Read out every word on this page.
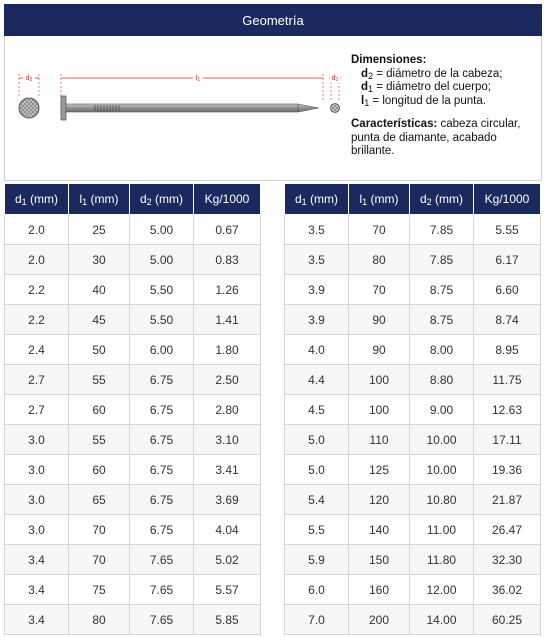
Geometría
d2	l1	d1
Dimensiones:
$d_2$ = diámetro de la cabeza;
$d_1$ = diámetro del cuerpo;
$l_1$ = longitud de la punta.
Características: cabeza circular, punta de diamante, acabado brillante.
$d_1$ (mm)	$l_1$ (mm)	$d_2$ (mm)	Kg/1000
2.0	25	5.00	0.67
2.0	30	5.00	0.83
2.2	40	5.50	1.26
2.2	45	5.50	1.41
2.4	50	6.00	1.80
2.7	55	6.75	2.50
2.7	60	6.75	2.80
3.0	55	6.75	3.10
3.0	60	6.75	3.41
3.0	65	6.75	3.69
3.0	70	6.75	4.04
3.4	70	7.65	5.02
3.4	75	7.65	5.57
3.4	80	7.65	5.85
$d_1$ (mm)	$l_1$ (mm)	$d_2$ (mm)	Kg/1000
3.5	70	7.85	5.55
3.5	80	7.85	6.17
3.9	70	8.75	6.60
3.9	90	8.75	8.74
4.0	90	8.00	8.95
4.4	100	8.80	11.75
4.5	100	9.00	12.63
5.0	110	10.00	17.11
5.0	125	10.00	19.36
5.4	120	10.80	21.87
5.5	140	11.00	26.47
5.9	150	11.80	32.30
6.0	160	12.00	36.02
7.0	200	14.00	60.25
